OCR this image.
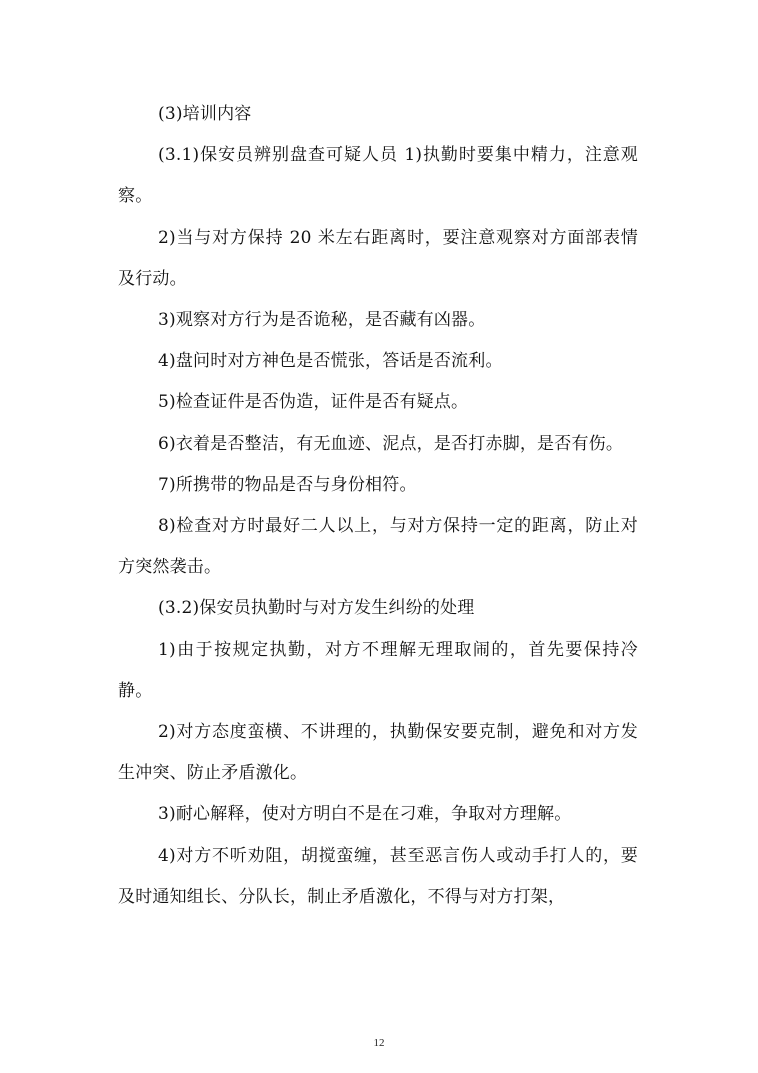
(3)培训内容

(3.1)保安员辨别盘查可疑人员 1)执勤时要集中精力，注意观察。

2)当与对方保持 20 米左右距离时，要注意观察对方面部表情及行动。

3)观察对方行为是否诡秘，是否藏有凶器。

4)盘问时对方神色是否慌张，答话是否流利。

5)检查证件是否伪造，证件是否有疑点。

6)衣着是否整洁，有无血迹、泥点，是否打赤脚，是否有伤。

7)所携带的物品是否与身份相符。

8)检查对方时最好二人以上，与对方保持一定的距离，防止对方突然袭击。

(3.2)保安员执勤时与对方发生纠纷的处理

1)由于按规定执勤，对方不理解无理取闹的，首先要保持冷静。

2)对方态度蛮横、不讲理的，执勤保安要克制，避免和对方发生冲突、防止矛盾激化。

3)耐心解释，使对方明白不是在刁难，争取对方理解。

4)对方不听劝阻，胡搅蛮缠，甚至恶言伤人或动手打人的，要及时通知组长、分队长，制止矛盾激化，不得与对方打架，

12
